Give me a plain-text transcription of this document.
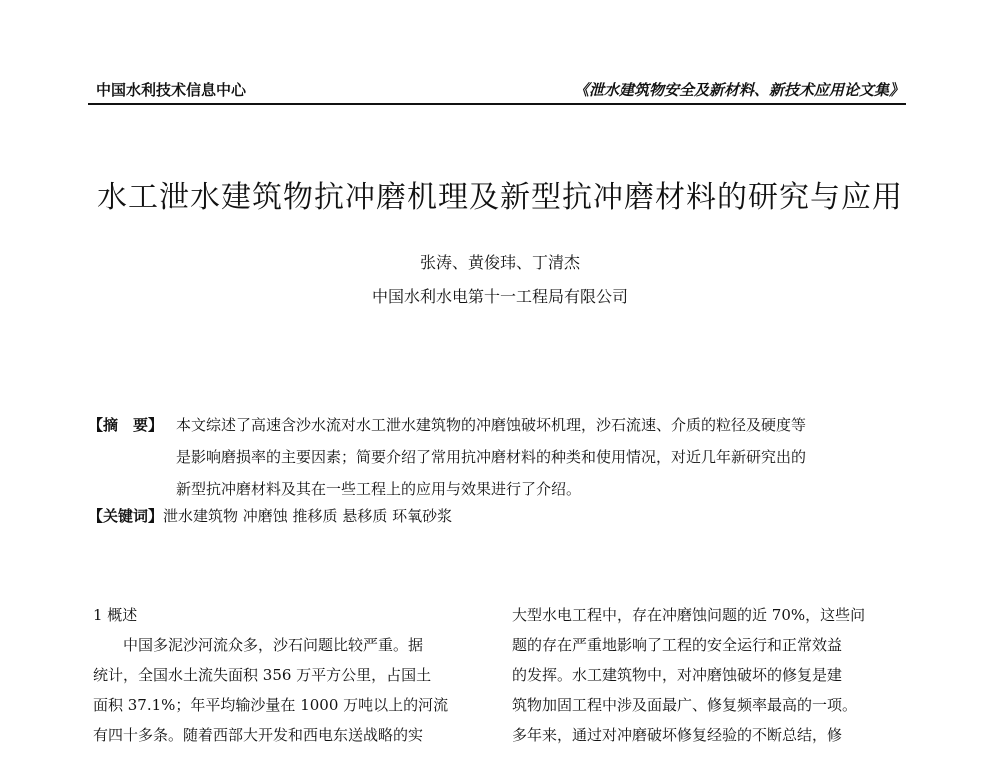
中国水利技术信息中心	《泄水建筑物安全及新材料、新技术应用论文集》
水工泄水建筑物抗冲磨机理及新型抗冲磨材料的研究与应用
张涛、黄俊玮、丁清杰
中国水利水电第十一工程局有限公司
【摘　要】 本文综述了高速含沙水流对水工泄水建筑物的冲磨蚀破坏机理，沙石流速、介质的粒径及硬度等
是影响磨损率的主要因素；简要介绍了常用抗冲磨材料的种类和使用情况，对近几年新研究出的
新型抗冲磨材料及其在一些工程上的应用与效果进行了介绍。
【关键词】泄水建筑物 冲磨蚀 推移质 悬移质 环氧砂浆
1 概述
　　中国多泥沙河流众多，沙石问题比较严重。据
统计，全国水土流失面积 356 万平方公里，占国土
面积 37.1%；年平均输沙量在 1000 万吨以上的河流
有四十多条。随着西部大开发和西电东送战略的实
大型水电工程中，存在冲磨蚀问题的近 70%，这些问
题的存在严重地影响了工程的安全运行和正常效益
的发挥。水工建筑物中，对冲磨蚀破坏的修复是建
筑物加固工程中涉及面最广、修复频率最高的一项。
多年来，通过对冲磨破坏修复经验的不断总结，修
